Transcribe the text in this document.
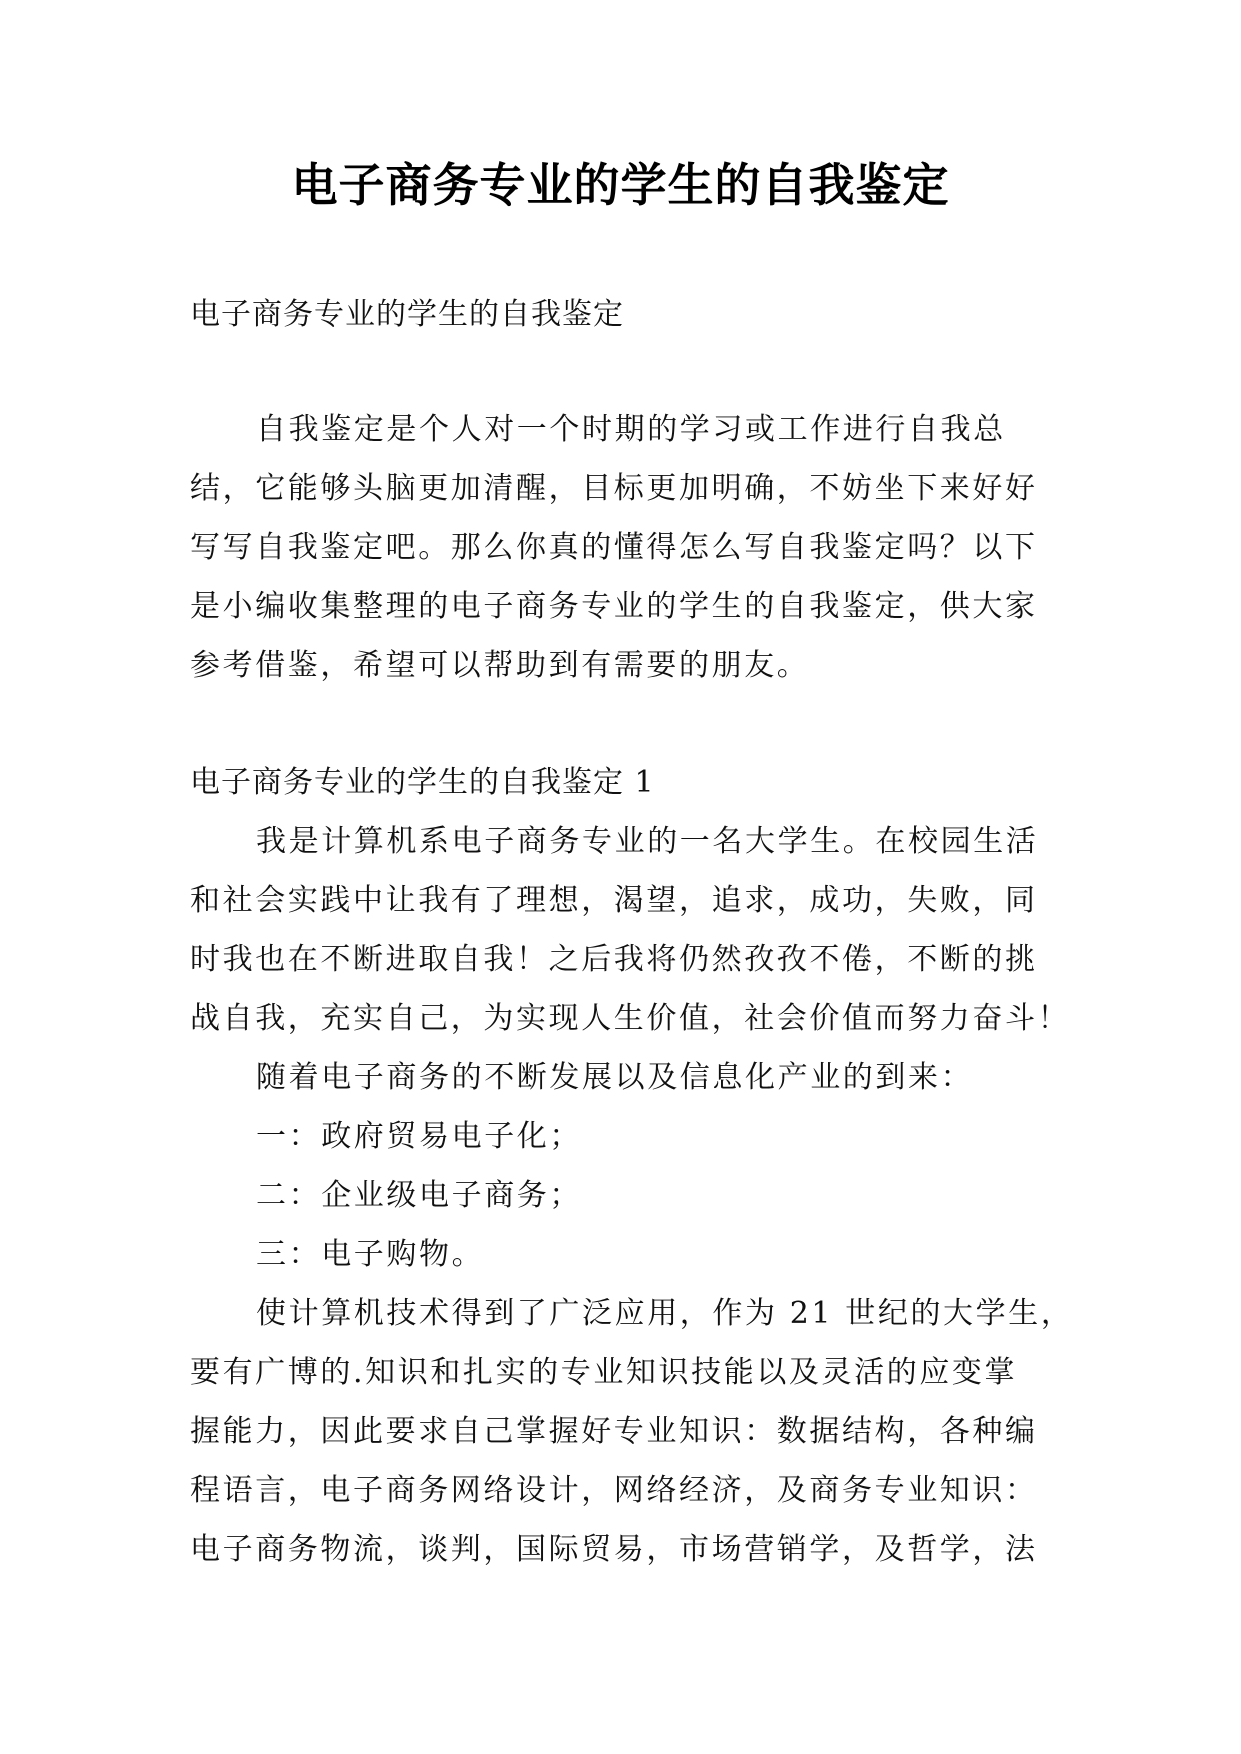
电子商务专业的学生的自我鉴定
电子商务专业的学生的自我鉴定
自我鉴定是个人对一个时期的学习或工作进行自我总
结，它能够头脑更加清醒，目标更加明确，不妨坐下来好好
写写自我鉴定吧。那么你真的懂得怎么写自我鉴定吗？以下
是小编收集整理的电子商务专业的学生的自我鉴定，供大家
参考借鉴，希望可以帮助到有需要的朋友。
电子商务专业的学生的自我鉴定 1
我是计算机系电子商务专业的一名大学生。在校园生活
和社会实践中让我有了理想，渴望，追求，成功，失败，同
时我也在不断进取自我！之后我将仍然孜孜不倦，不断的挑
战自我，充实自己，为实现人生价值，社会价值而努力奋斗！
随着电子商务的不断发展以及信息化产业的到来：
一：政府贸易电子化；
二：企业级电子商务；
三：电子购物。
使计算机技术得到了广泛应用，作为 21 世纪的大学生，
要有广博的.知识和扎实的专业知识技能以及灵活的应变掌
握能力，因此要求自己掌握好专业知识：数据结构，各种编
程语言，电子商务网络设计，网络经济，及商务专业知识：
电子商务物流，谈判，国际贸易，市场营销学，及哲学，法
